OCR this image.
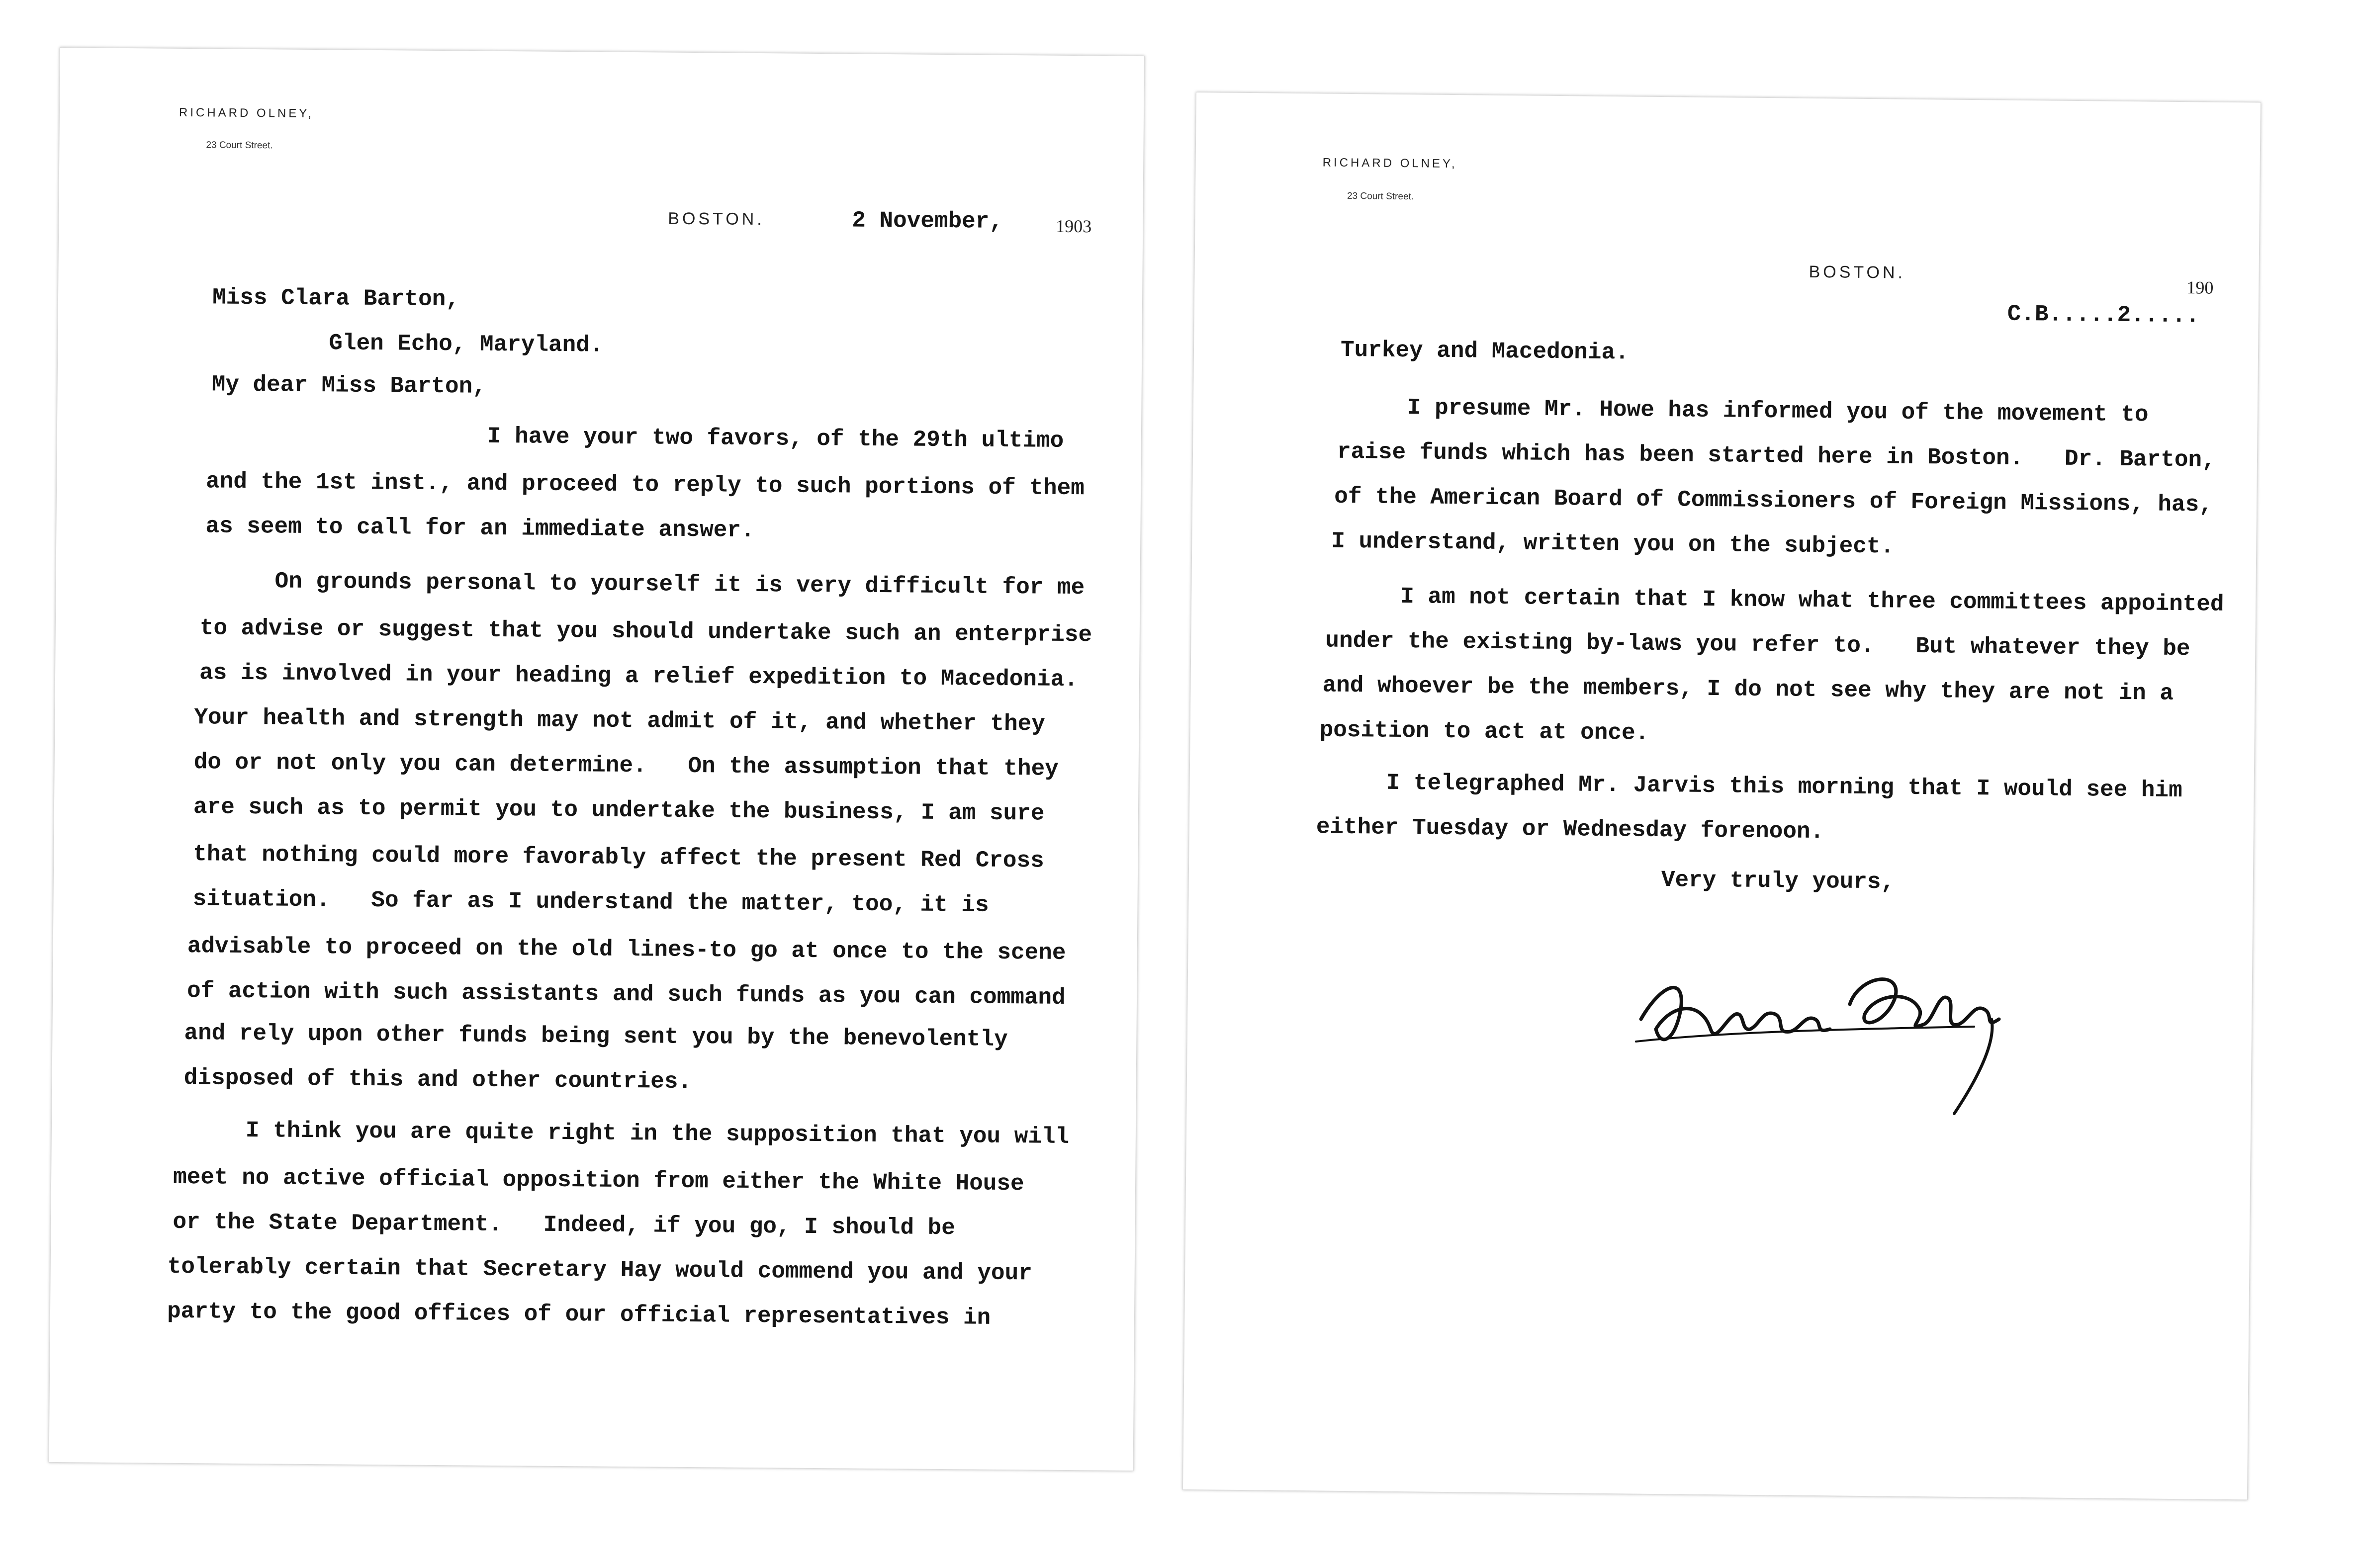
RICHARD OLNEY,
23 Court Street.
BOSTON.	2 November,	1903
Miss Clara Barton,
Glen Echo, Maryland.
My dear Miss Barton,
I have your two favors, of the 29th ultimo
and the 1st inst., and proceed to reply to such portions of them
as seem to call for an immediate answer.
On grounds personal to yourself it is very difficult for me
to advise or suggest that you should undertake such an enterprise
as is involved in your heading a relief expedition to Macedonia.
Your health and strength may not admit of it, and whether they
do or not only you can determine.   On the assumption that they
are such as to permit you to undertake the business, I am sure
that nothing could more favorably affect the present Red Cross
situation.   So far as I understand the matter, too, it is
advisable to proceed on the old lines-to go at once to the scene
of action with such assistants and such funds as you can command
and rely upon other funds being sent you by the benevolently
disposed of this and other countries.
I think you are quite right in the supposition that you will
meet no active official opposition from either the White House
or the State Department.   Indeed, if you go, I should be
tolerably certain that Secretary Hay would commend you and your
party to the good offices of our official representatives in
RICHARD OLNEY,
23 Court Street.
BOSTON.
190
C.B.....2.....
Turkey and Macedonia.
I presume Mr. Howe has informed you of the movement to
raise funds which has been started here in Boston.   Dr. Barton,
of the American Board of Commissioners of Foreign Missions, has,
I understand, written you on the subject.
I am not certain that I know what three committees appointed
under the existing by-laws you refer to.   But whatever they be
and whoever be the members, I do not see why they are not in a
position to act at once.
I telegraphed Mr. Jarvis this morning that I would see him
either Tuesday or Wednesday forenoon.
Very truly yours,
